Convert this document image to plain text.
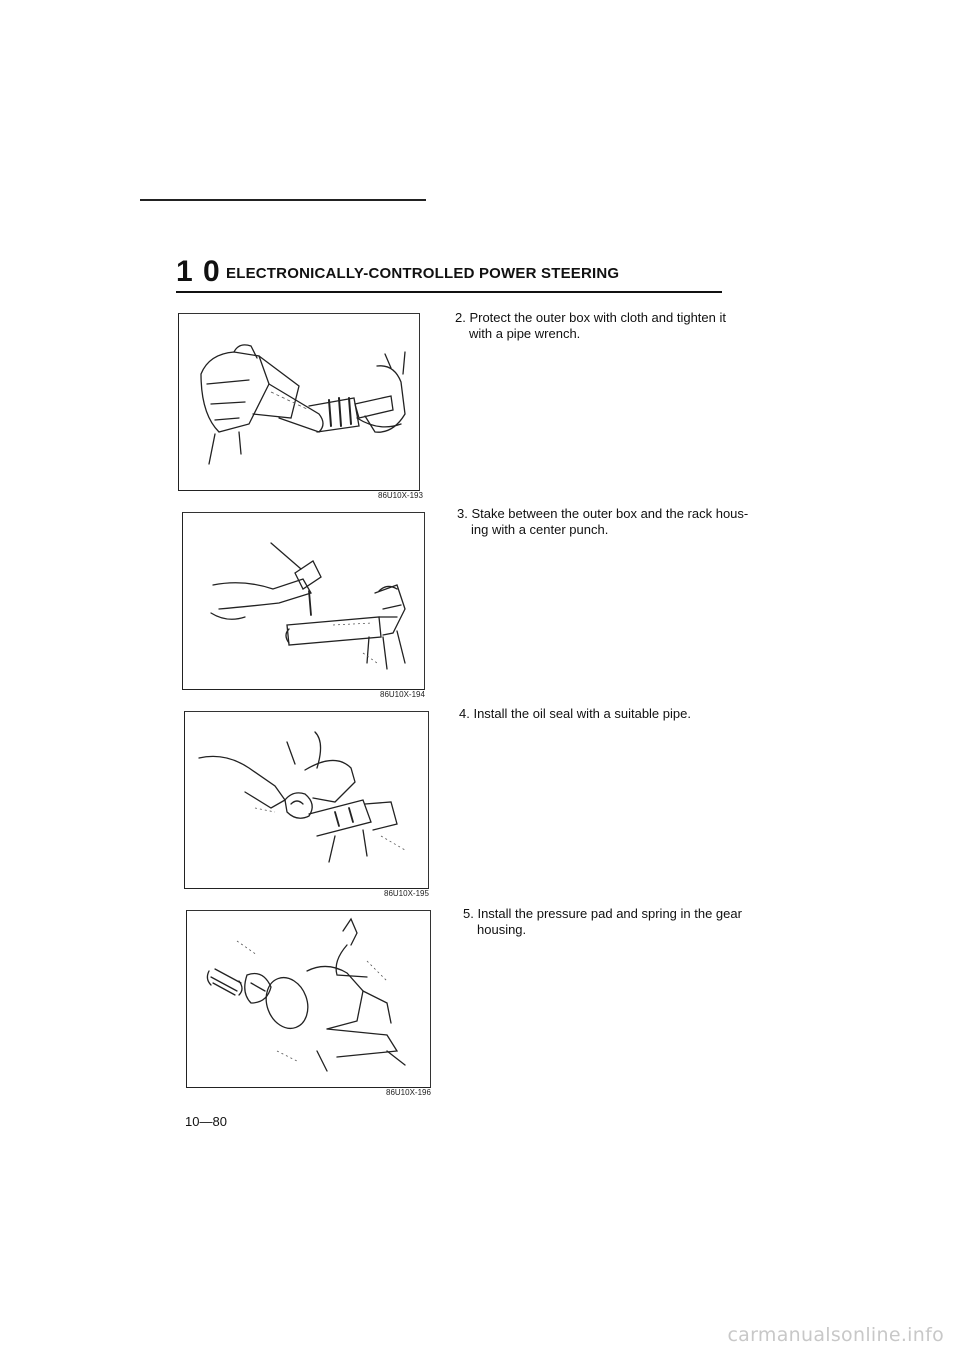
1 0 ELECTRONICALLY-CONTROLLED POWER STEERING
86U10X-193

2. Protect the outer box with cloth and tighten it with a pipe wrench.

86U10X-194

3. Stake between the outer box and the rack hous-ing with a center punch.

86U10X-195

4. Install the oil seal with a suitable pipe.

86U10X-196

5. Install the pressure pad and spring in the gear housing.

10—80
carmanualsonline.info
